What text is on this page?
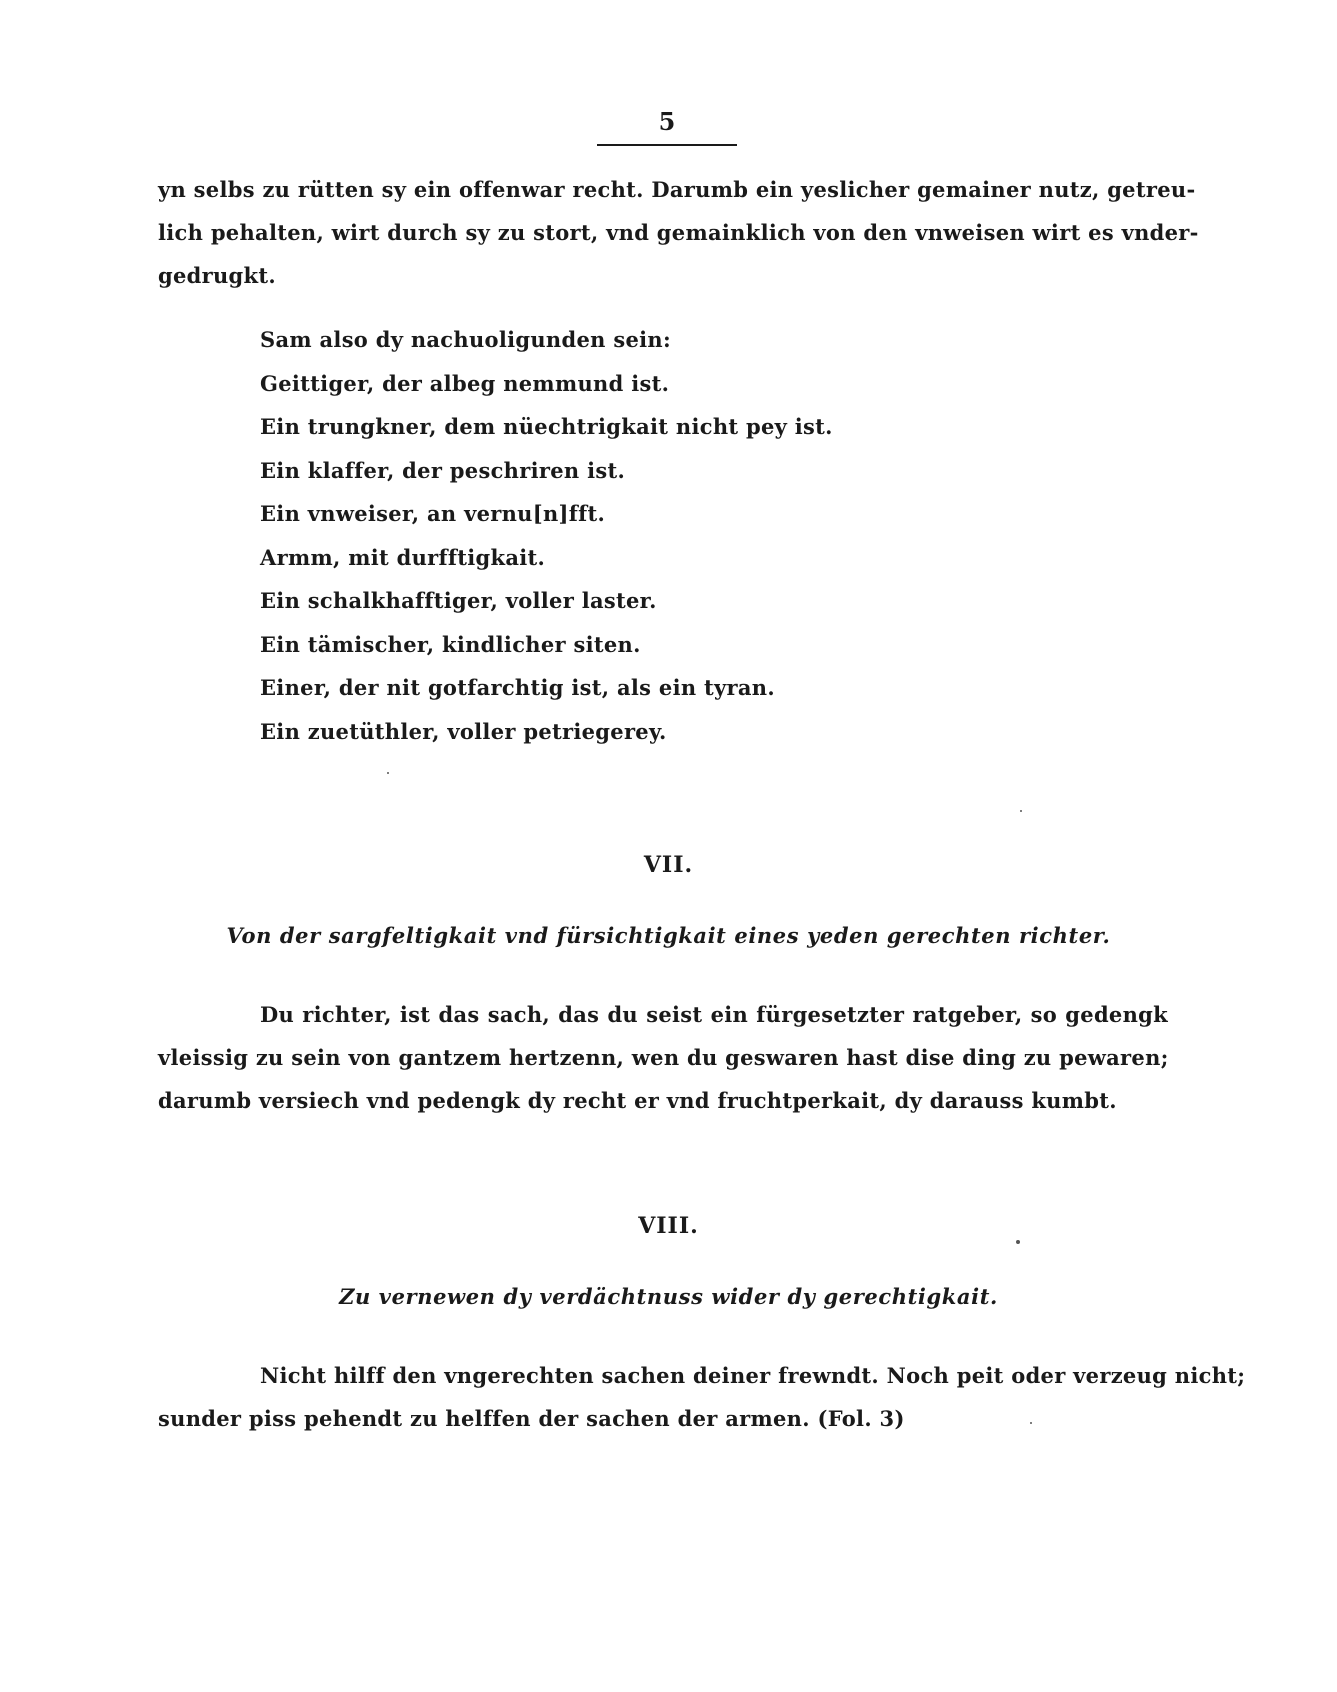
5
yn selbs zu rütten sy ein offenwar recht. Darumb ein yeslicher gemainer nutz, getreu-
lich pehalten, wirt durch sy zu stort, vnd gemainklich von den vnweisen wirt es vnder-
gedrugkt.
Sam also dy nachuoligunden sein:
Geittiger, der albeg nemmund ist.
Ein trungkner, dem nüechtrigkait nicht pey ist.
Ein klaffer, der peschriren ist.
Ein vnweiser, an vernu[n]fft.
Armm, mit durfftigkait.
Ein schalkhafftiger, voller laster.
Ein tämischer, kindlicher siten.
Einer, der nit gotfarchtig ist, als ein tyran.
Ein zuetüthler, voller petriegerey.
VII.
Von der sargfeltigkait vnd fürsichtigkait eines yeden gerechten richter.
Du richter, ist das sach, das du seist ein fürgesetzter ratgeber, so gedengk
vleissig zu sein von gantzem hertzenn, wen du geswaren hast dise ding zu pewaren;
darumb versiech vnd pedengk dy recht er vnd fruchtperkait, dy darauss kumbt.
VIII.
Zu vernewen dy verdächtnuss wider dy gerechtigkait.
Nicht hilff den vngerechten sachen deiner frewndt. Noch peit oder verzeug nicht;
sunder piss pehendt zu helffen der sachen der armen. (Fol. 3)
